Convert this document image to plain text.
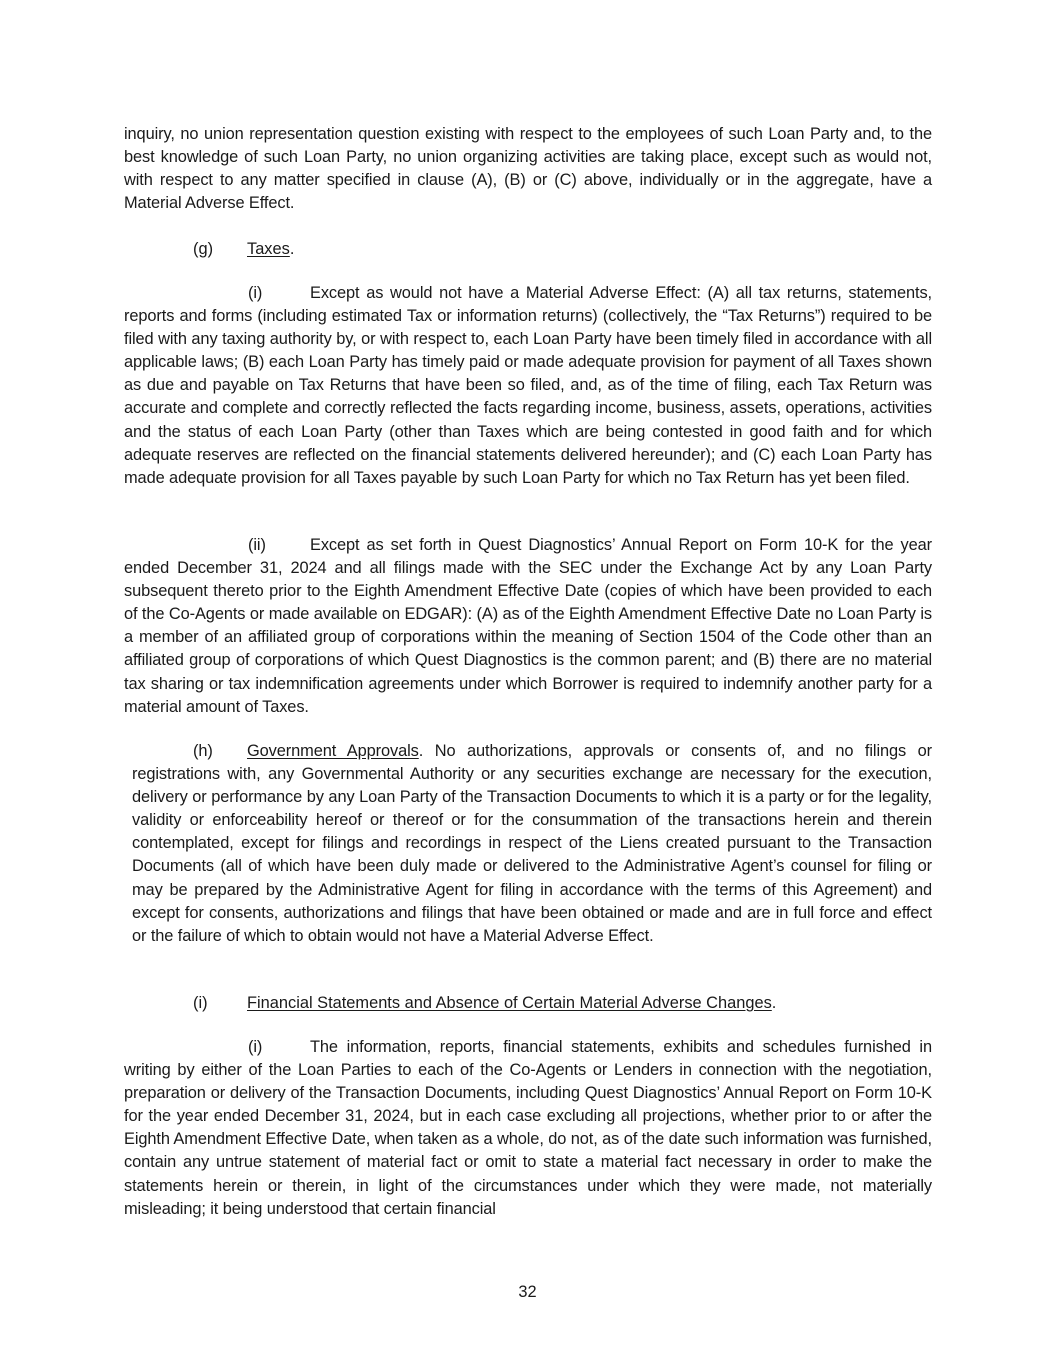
inquiry, no union representation question existing with respect to the employees of such Loan Party and, to the best knowledge of such Loan Party, no union organizing activities are taking place, except such as would not, with respect to any matter specified in clause (A), (B) or (C) above, individually or in the aggregate, have a Material Adverse Effect.
(g) Taxes.
(i)	Except as would not have a Material Adverse Effect: (A) all tax returns, statements, reports and forms (including estimated Tax or information returns) (collectively, the “Tax Returns”) required to be filed with any taxing authority by, or with respect to, each Loan Party have been timely filed in accordance with all applicable laws; (B) each Loan Party has timely paid or made adequate provision for payment of all Taxes shown as due and payable on Tax Returns that have been so filed, and, as of the time of filing, each Tax Return was accurate and complete and correctly reflected the facts regarding income, business, assets, operations, activities and the status of each Loan Party (other than Taxes which are being contested in good faith and for which adequate reserves are reflected on the financial statements delivered hereunder); and (C) each Loan Party has made adequate provision for all Taxes payable by such Loan Party for which no Tax Return has yet been filed.
(ii)	Except as set forth in Quest Diagnostics’ Annual Report on Form 10-K for the year ended December 31, 2024 and all filings made with the SEC under the Exchange Act by any Loan Party subsequent thereto prior to the Eighth Amendment Effective Date (copies of which have been provided to each of the Co-Agents or made available on EDGAR): (A) as of the Eighth Amendment Effective Date no Loan Party is a member of an affiliated group of corporations within the meaning of Section 1504 of the Code other than an affiliated group of corporations of which Quest Diagnostics is the common parent; and (B) there are no material tax sharing or tax indemnification agreements under which Borrower is required to indemnify another party for a material amount of Taxes.
(h) Government Approvals. No authorizations, approvals or consents of, and no filings or registrations with, any Governmental Authority or any securities exchange are necessary for the execution, delivery or performance by any Loan Party of the Transaction Documents to which it is a party or for the legality, validity or enforceability hereof or thereof or for the consummation of the transactions herein and therein contemplated, except for filings and recordings in respect of the Liens created pursuant to the Transaction Documents (all of which have been duly made or delivered to the Administrative Agent’s counsel for filing or may be prepared by the Administrative Agent for filing in accordance with the terms of this Agreement) and except for consents, authorizations and filings that have been obtained or made and are in full force and effect or the failure of which to obtain would not have a Material Adverse Effect.
(i) Financial Statements and Absence of Certain Material Adverse Changes.
(i)	The information, reports, financial statements, exhibits and schedules furnished in writing by either of the Loan Parties to each of the Co-Agents or Lenders in connection with the negotiation, preparation or delivery of the Transaction Documents, including Quest Diagnostics’ Annual Report on Form 10-K for the year ended December 31, 2024, but in each case excluding all projections, whether prior to or after the Eighth Amendment Effective Date, when taken as a whole, do not, as of the date such information was furnished, contain any untrue statement of material fact or omit to state a material fact necessary in order to make the statements herein or therein, in light of the circumstances under which they were made, not materially misleading; it being understood that certain financial
32
